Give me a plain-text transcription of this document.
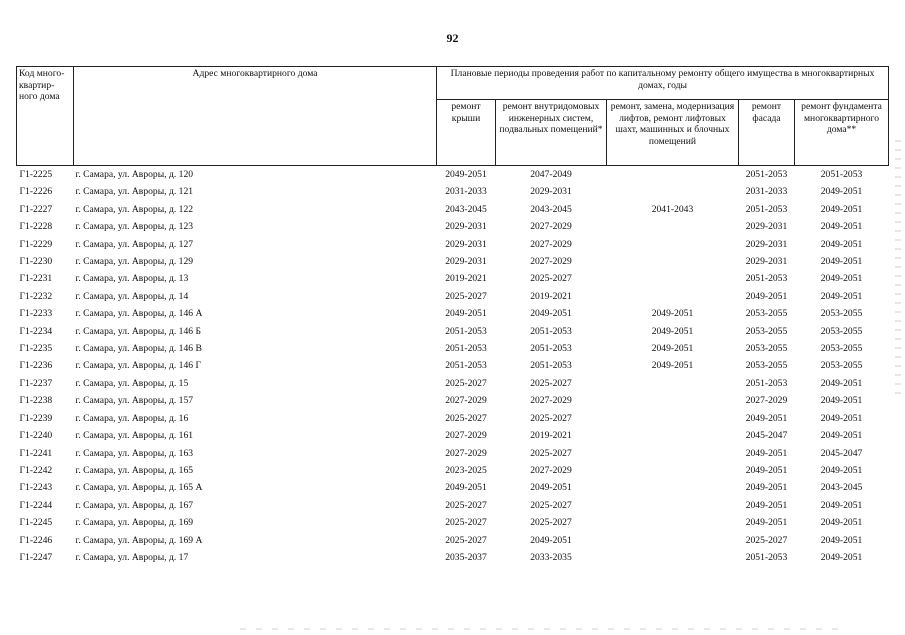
92
Код много-квартир-ного дома	Адрес многоквартирного дома	Плановые периоды проведения работ по капитальному ремонту общего имущества в многоквартирных домах, годы				
		ремонт крыши	ремонт внутридомовых инженерных систем, подвальных помещений*	ремонт, замена, модернизация лифтов, ремонт лифтовых шахт, машинных и блочных помещений	ремонт фасада	ремонт фундамента многоквартирного дома**
Г1-2225	г. Самара, ул. Авроры, д. 120	2049-2051	2047-2049		2051-2053	2051-2053
Г1-2226	г. Самара, ул. Авроры, д. 121	2031-2033	2029-2031		2031-2033	2049-2051
Г1-2227	г. Самара, ул. Авроры, д. 122	2043-2045	2043-2045	2041-2043	2051-2053	2049-2051
Г1-2228	г. Самара, ул. Авроры, д. 123	2029-2031	2027-2029		2029-2031	2049-2051
Г1-2229	г. Самара, ул. Авроры, д. 127	2029-2031	2027-2029		2029-2031	2049-2051
Г1-2230	г. Самара, ул. Авроры, д. 129	2029-2031	2027-2029		2029-2031	2049-2051
Г1-2231	г. Самара, ул. Авроры, д. 13	2019-2021	2025-2027		2051-2053	2049-2051
Г1-2232	г. Самара, ул. Авроры, д. 14	2025-2027	2019-2021		2049-2051	2049-2051
Г1-2233	г. Самара, ул. Авроры, д. 146 А	2049-2051	2049-2051	2049-2051	2053-2055	2053-2055
Г1-2234	г. Самара, ул. Авроры, д. 146 Б	2051-2053	2051-2053	2049-2051	2053-2055	2053-2055
Г1-2235	г. Самара, ул. Авроры, д. 146 В	2051-2053	2051-2053	2049-2051	2053-2055	2053-2055
Г1-2236	г. Самара, ул. Авроры, д. 146 Г	2051-2053	2051-2053	2049-2051	2053-2055	2053-2055
Г1-2237	г. Самара, ул. Авроры, д. 15	2025-2027	2025-2027		2051-2053	2049-2051
Г1-2238	г. Самара, ул. Авроры, д. 157	2027-2029	2027-2029		2027-2029	2049-2051
Г1-2239	г. Самара, ул. Авроры, д. 16	2025-2027	2025-2027		2049-2051	2049-2051
Г1-2240	г. Самара, ул. Авроры, д. 161	2027-2029	2019-2021		2045-2047	2049-2051
Г1-2241	г. Самара, ул. Авроры, д. 163	2027-2029	2025-2027		2049-2051	2045-2047
Г1-2242	г. Самара, ул. Авроры, д. 165	2023-2025	2027-2029		2049-2051	2049-2051
Г1-2243	г. Самара, ул. Авроры, д. 165 А	2049-2051	2049-2051		2049-2051	2043-2045
Г1-2244	г. Самара, ул. Авроры, д. 167	2025-2027	2025-2027		2049-2051	2049-2051
Г1-2245	г. Самара, ул. Авроры, д. 169	2025-2027	2025-2027		2049-2051	2049-2051
Г1-2246	г. Самара, ул. Авроры, д. 169 А	2025-2027	2049-2051		2025-2027	2049-2051
Г1-2247	г. Самара, ул. Авроры, д. 17	2035-2037	2033-2035		2051-2053	2049-2051
